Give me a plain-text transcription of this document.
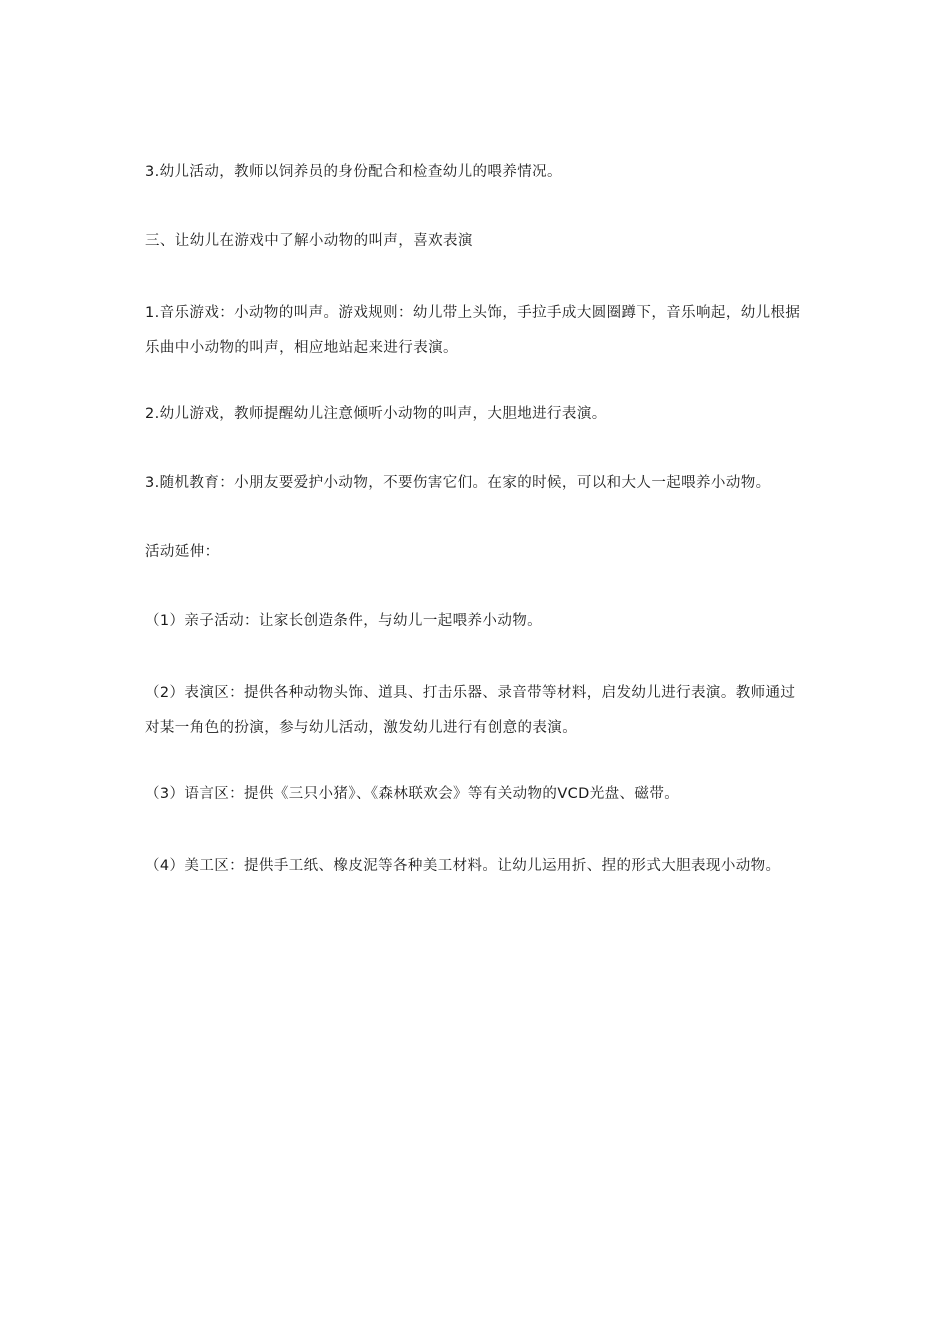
3.幼儿活动，教师以饲养员的身份配合和检查幼儿的喂养情况。

三、让幼儿在游戏中了解小动物的叫声，喜欢表演

1.音乐游戏：小动物的叫声。游戏规则：幼儿带上头饰，手拉手成大圆圈蹲下，音乐响起，幼儿根据乐曲中小动物的叫声，相应地站起来进行表演。

2.幼儿游戏，教师提醒幼儿注意倾听小动物的叫声，大胆地进行表演。

3.随机教育：小朋友要爱护小动物，不要伤害它们。在家的时候，可以和大人一起喂养小动物。

活动延伸：

（1）亲子活动：让家长创造条件，与幼儿一起喂养小动物。

（2）表演区：提供各种动物头饰、道具、打击乐器、录音带等材料，启发幼儿进行表演。教师通过对某一角色的扮演，参与幼儿活动，激发幼儿进行有创意的表演。

（3）语言区：提供《三只小猪》、《森林联欢会》等有关动物的VCD光盘、磁带。

（4）美工区：提供手工纸、橡皮泥等各种美工材料。让幼儿运用折、捏的形式大胆表现小动物。
